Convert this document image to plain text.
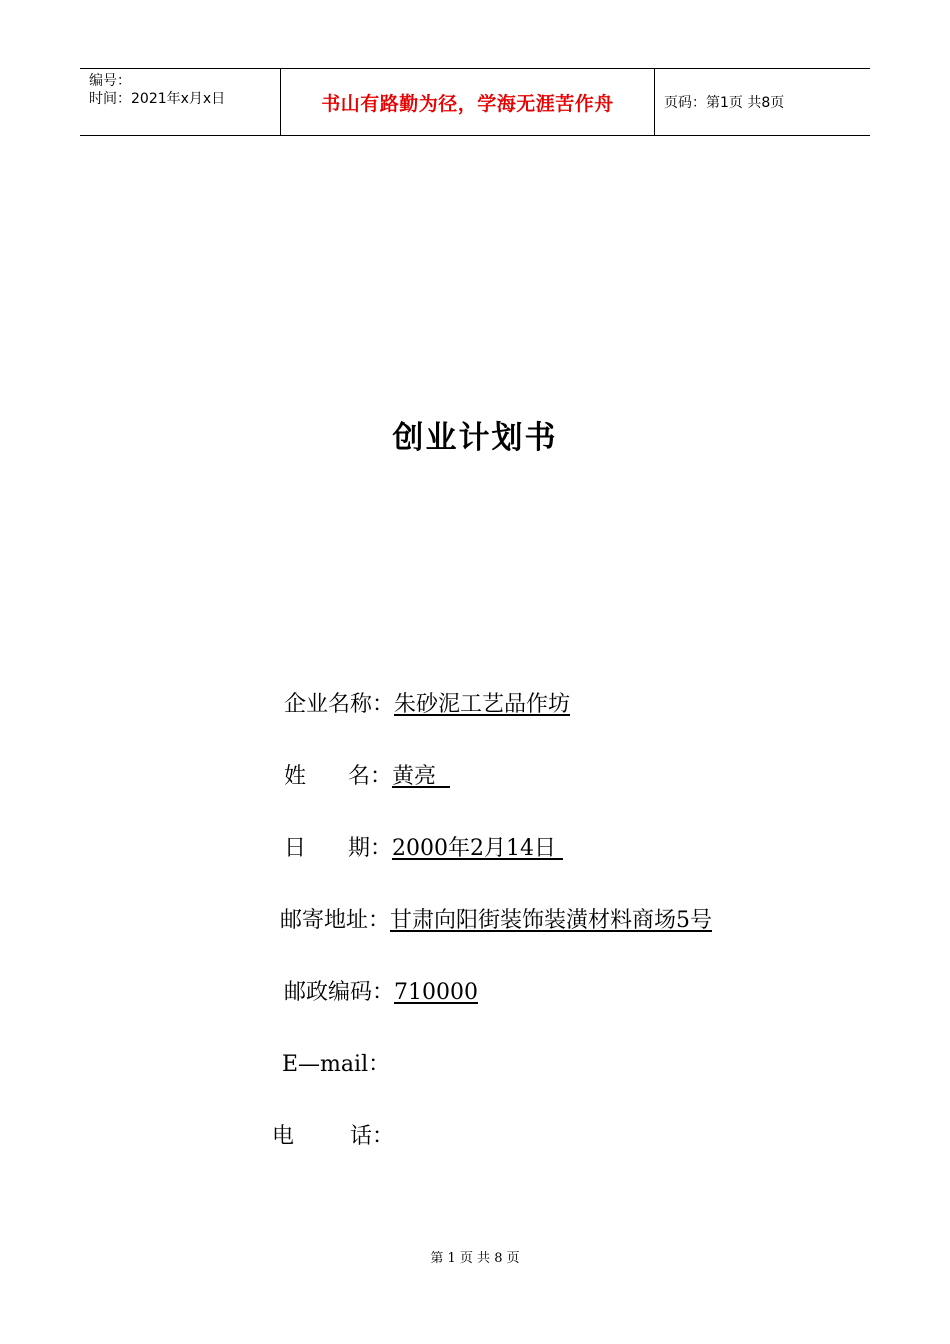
编号：
时间：2021年x月x日	书山有路勤为径，学海无涯苦作舟	页码：第1页 共8页
创业计划书
企业名称：朱砂泥工艺品作坊
姓      名：黄亮
日      期：2000年2月14日
邮寄地址：甘肃向阳街装饰装潢材料商场5号
邮政编码：710000
E—mail：
电        话：
第 1 页 共 8 页
